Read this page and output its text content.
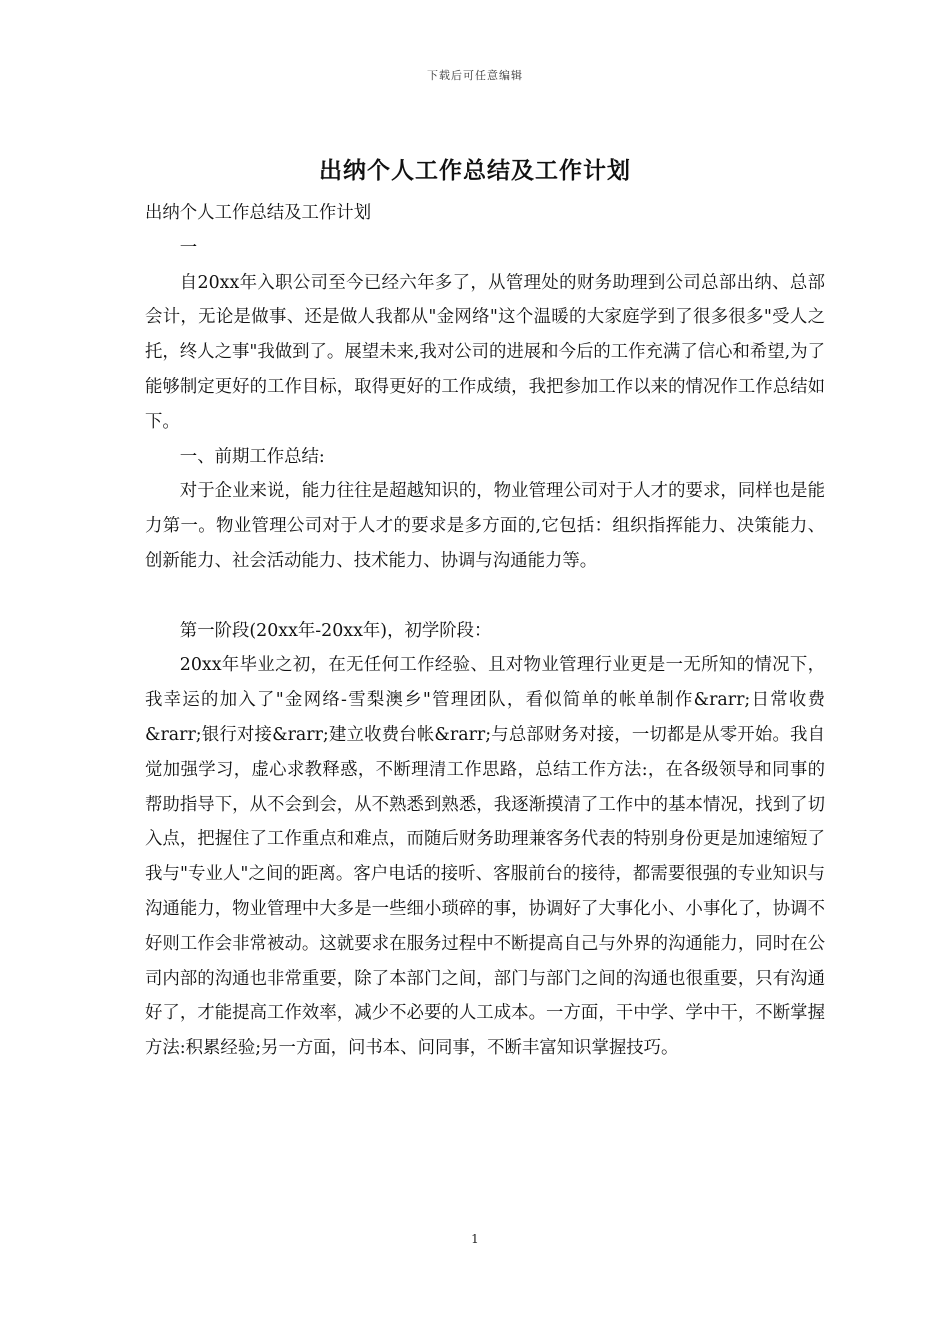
下载后可任意编辑
出纳个人工作总结及工作计划

出纳个人工作总结及工作计划

一

自20xx年入职公司至今已经六年多了，从管理处的财务助理到公司总部出纳、总部会计，无论是做事、还是做人我都从"金网络"这个温暖的大家庭学到了很多很多"受人之托，终人之事"我做到了。展望未来,我对公司的进展和今后的工作充满了信心和希望,为了能够制定更好的工作目标，取得更好的工作成绩，我把参加工作以来的情况作工作总结如下。

一、前期工作总结:

对于企业来说，能力往往是超越知识的，物业管理公司对于人才的要求，同样也是能力第一。物业管理公司对于人才的要求是多方面的,它包括：组织指挥能力、决策能力、创新能力、社会活动能力、技术能力、协调与沟通能力等。

第一阶段(20xx年-20xx年)，初学阶段：

20xx年毕业之初，在无任何工作经验、且对物业管理行业更是一无所知的情况下，我幸运的加入了"金网络-雪梨澳乡"管理团队，看似简单的帐单制作&rarr;日常收费&rarr;银行对接&rarr;建立收费台帐&rarr;与总部财务对接，一切都是从零开始。我自觉加强学习，虚心求教释惑，不断理清工作思路，总结工作方法:，在各级领导和同事的帮助指导下，从不会到会，从不熟悉到熟悉，我逐渐摸清了工作中的基本情况，找到了切入点，把握住了工作重点和难点，而随后财务助理兼客务代表的特别身份更是加速缩短了我与"专业人"之间的距离。客户电话的接听、客服前台的接待，都需要很强的专业知识与沟通能力，物业管理中大多是一些细小琐碎的事，协调好了大事化小、小事化了，协调不好则工作会非常被动。这就要求在服务过程中不断提高自己与外界的沟通能力，同时在公司内部的沟通也非常重要，除了本部门之间，部门与部门之间的沟通也很重要，只有沟通好了，才能提高工作效率，减少不必要的人工成本。一方面，干中学、学中干，不断掌握方法:积累经验;另一方面，问书本、问同事，不断丰富知识掌握技巧。

1
